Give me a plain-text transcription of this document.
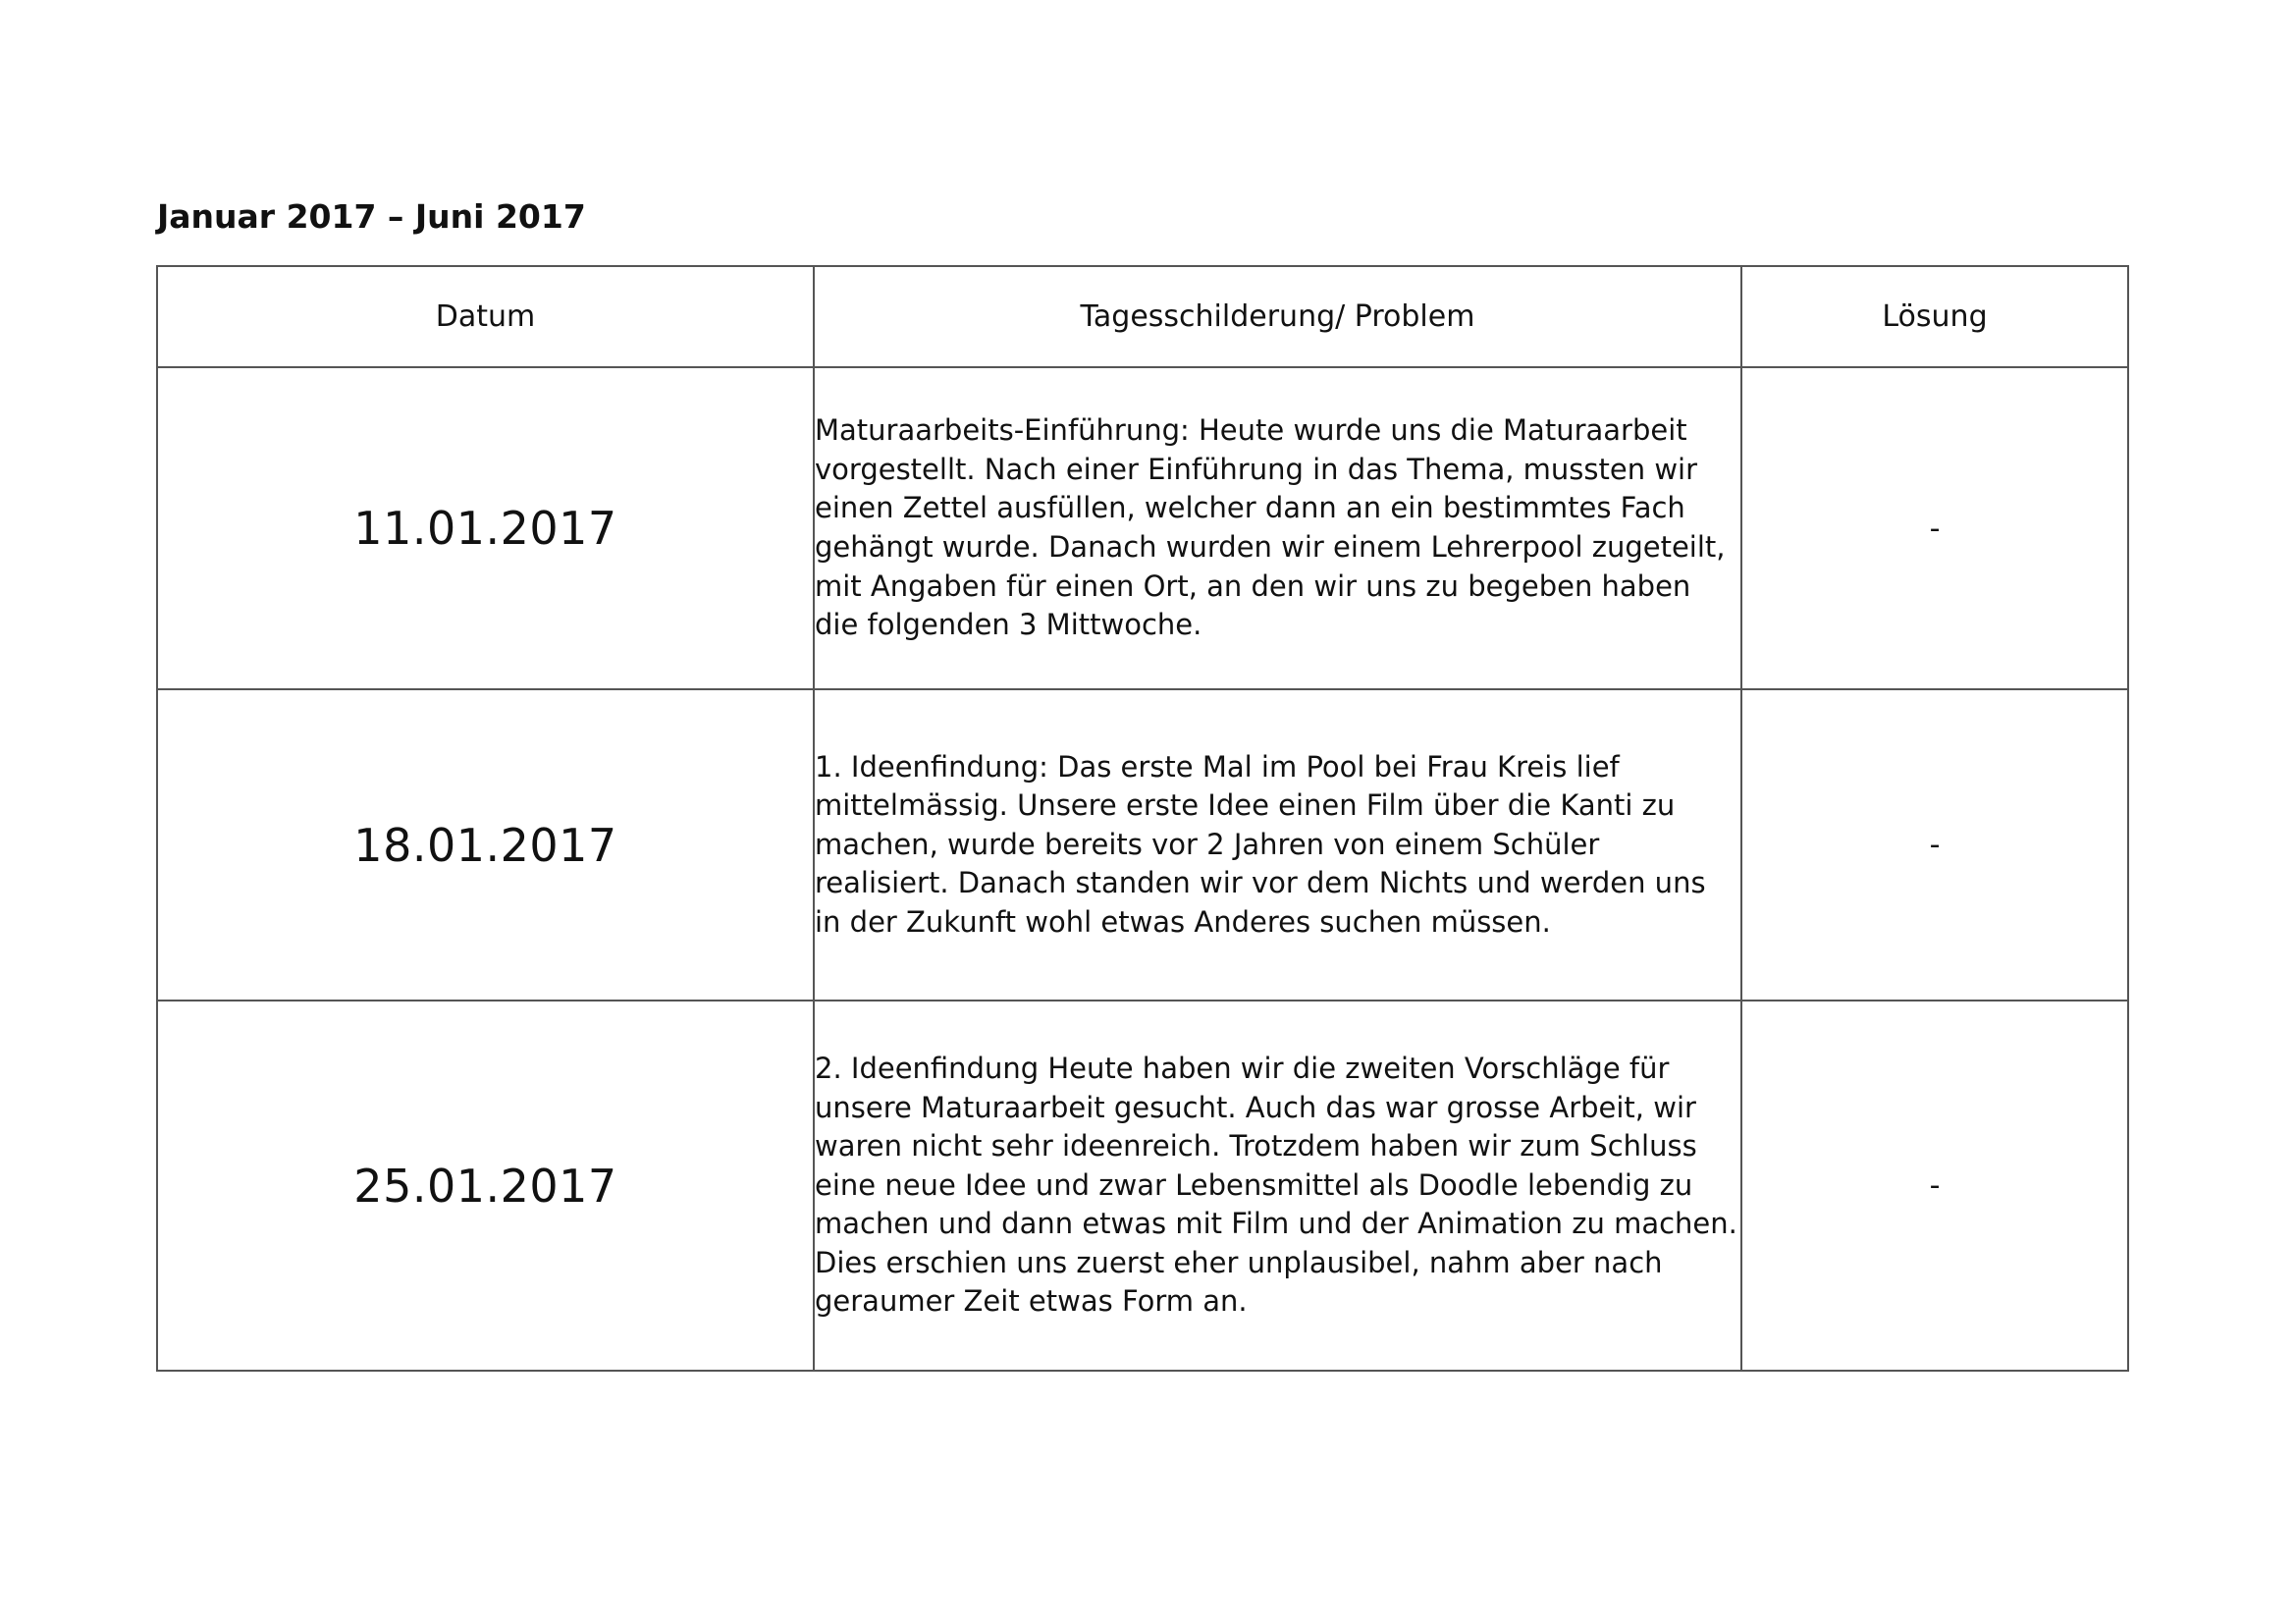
Januar 2017 – Juni 2017
Datum	Tagesschilderung/ Problem	Lösung
11.01.2017	Maturaarbeits-Einführung: Heute wurde uns die Maturaarbeit vorgestellt. Nach einer Einführung in das Thema, mussten wir einen Zettel ausfüllen, welcher dann an ein bestimmtes Fach gehängt wurde. Danach wurden wir einem Lehrerpool zugeteilt, mit Angaben für einen Ort, an den wir uns zu begeben haben die folgenden 3 Mittwoche.	-
18.01.2017	1. Ideenfindung: Das erste Mal im Pool bei Frau Kreis lief mittelmässig. Unsere erste Idee einen Film über die Kanti zu machen, wurde bereits vor 2 Jahren von einem Schüler realisiert. Danach standen wir vor dem Nichts und werden uns in der Zukunft wohl etwas Anderes suchen müssen.	-
25.01.2017	2. Ideenfindung Heute haben wir die zweiten Vorschläge für unsere Maturaarbeit gesucht. Auch das war grosse Arbeit, wir waren nicht sehr ideenreich. Trotzdem haben wir zum Schluss eine neue Idee und zwar Lebensmittel als Doodle lebendig zu machen und dann etwas mit Film und der Animation zu machen. Dies erschien uns zuerst eher unplausibel, nahm aber nach geraumer Zeit etwas Form an.	-
